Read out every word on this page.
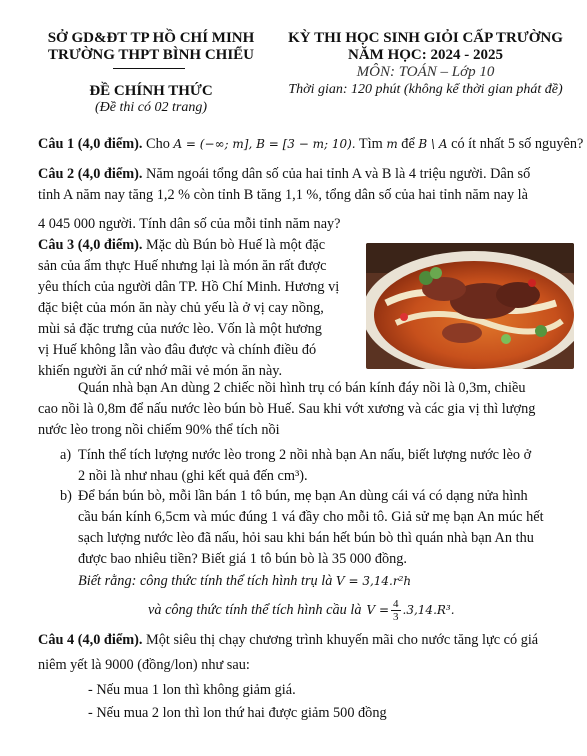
SỞ GD&ĐT TP HỒ CHÍ MINH
TRƯỜNG THPT BÌNH CHIỂU
ĐỀ CHÍNH THỨC
(Đề thi có 02 trang)
KỲ THI HỌC SINH GIỎI CẤP TRƯỜNG
NĂM HỌC: 2024 - 2025
MÔN: TOÁN – Lớp 10
Thời gian: 120 phút (không kể thời gian phát đề)
Câu 1 (4,0 điểm). Cho A = (−∞; m], B = [3 − m; 10). Tìm m để B \ A có ít nhất 5 số nguyên?
Câu 2 (4,0 điểm). Năm ngoái tổng dân số của hai tỉnh A và B là 4 triệu người. Dân số
tỉnh A năm nay tăng 1,2 % còn tỉnh B tăng 1,1 %, tổng dân số của hai tỉnh năm nay là
4 045 000 người. Tính dân số của mỗi tỉnh năm nay?
Câu 3 (4,0 điểm). Mặc dù Bún bò Huế là một đặc
sản của ẩm thực Huế nhưng lại là món ăn rất được
yêu thích của người dân TP. Hồ Chí Minh. Hương vị
đặc biệt của món ăn này chủ yếu là ở vị cay nồng,
mùi sả đặc trưng của nước lèo. Vốn là một hương
vị Huế không lẫn vào đâu được và chính điều đó
khiến người ăn cứ nhớ mãi vẻ món ăn này.
Quán nhà bạn An dùng 2 chiếc nồi hình trụ có bán kính đáy nồi là 0,3m, chiều
cao nồi là 0,8m để nấu nước lèo bún bò Huế. Sau khi vớt xương và các gia vị thì lượng
nước lèo trong nồi chiếm 90% thể tích nồi
a) Tính thể tích lượng nước lèo trong 2 nồi nhà bạn An nấu, biết lượng nước lèo ở
2 nồi là như nhau (ghi kết quả đến cm³).
b) Để bán bún bò, mỗi lần bán 1 tô bún, mẹ bạn An dùng cái vá có dạng nửa hình
cầu bán kính 6,5cm và múc đúng 1 vá đầy cho mỗi tô. Giả sử mẹ bạn An múc hết
sạch lượng nước lèo đã nấu, hỏi sau khi bán hết bún bò thì quán nhà bạn An thu
được bao nhiêu tiền? Biết giá 1 tô bún bò là 35 000 đồng.
Biết rằng: công thức tính thể tích hình trụ là V = 3,14.r²h
và công thức tính thể tích hình cầu là $V = \frac{4}{3} .3,14.R^3$.
Câu 4 (4,0 điểm). Một siêu thị chạy chương trình khuyến mãi cho nước tăng lực có giá
niêm yết là 9000 (đồng/lon) như sau:
- Nếu mua 1 lon thì không giảm giá.
- Nếu mua 2 lon thì lon thứ hai được giảm 500 đồng
